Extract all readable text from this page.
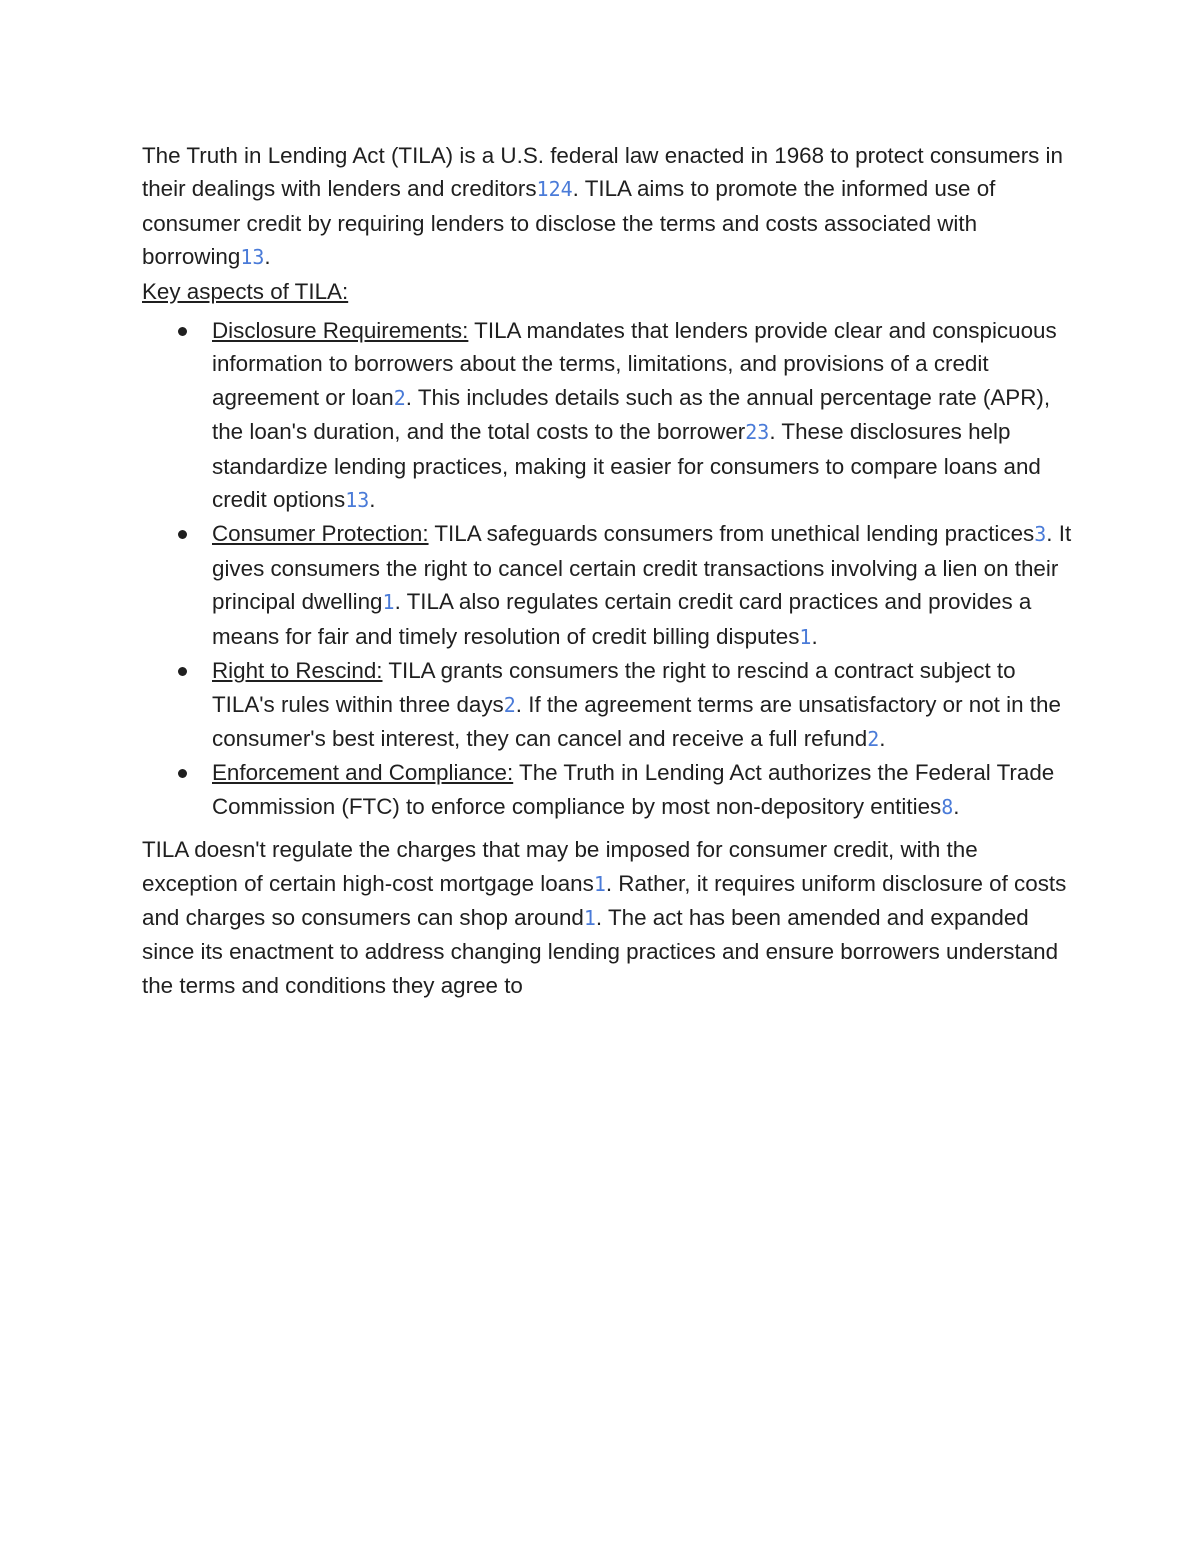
The Truth in Lending Act (TILA) is a U.S. federal law enacted in 1968 to protect consumers in their dealings with lenders and creditors124. TILA aims to promote the informed use of consumer credit by requiring lenders to disclose the terms and costs associated with borrowing13.

Key aspects of TILA:

Disclosure Requirements: TILA mandates that lenders provide clear and conspicuous information to borrowers about the terms, limitations, and provisions of a credit agreement or loan2. This includes details such as the annual percentage rate (APR), the loan's duration, and the total costs to the borrower23. These disclosures help standardize lending practices, making it easier for consumers to compare loans and credit options13.
Consumer Protection: TILA safeguards consumers from unethical lending practices3. It gives consumers the right to cancel certain credit transactions involving a lien on their principal dwelling1. TILA also regulates certain credit card practices and provides a means for fair and timely resolution of credit billing disputes1.
Right to Rescind: TILA grants consumers the right to rescind a contract subject to TILA's rules within three days2. If the agreement terms are unsatisfactory or not in the consumer's best interest, they can cancel and receive a full refund2.
Enforcement and Compliance: The Truth in Lending Act authorizes the Federal Trade Commission (FTC) to enforce compliance by most non-depository entities8.

TILA doesn't regulate the charges that may be imposed for consumer credit, with the exception of certain high-cost mortgage loans1. Rather, it requires uniform disclosure of costs and charges so consumers can shop around1. The act has been amended and expanded since its enactment to address changing lending practices and ensure borrowers understand the terms and conditions they agree to
